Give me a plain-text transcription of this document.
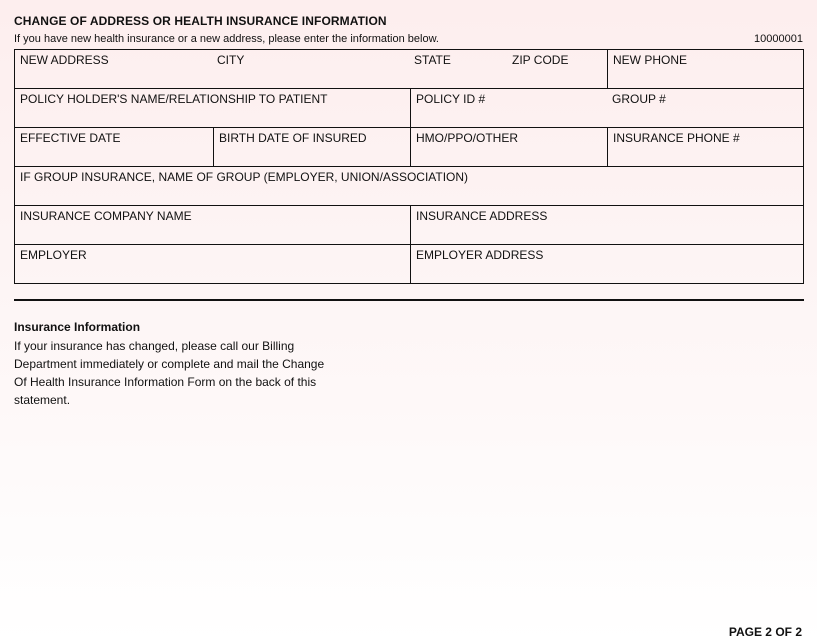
CHANGE OF ADDRESS OR HEALTH INSURANCE INFORMATION
If you have new health insurance or a new address, please enter the information below.	10000001
NEW ADDRESS	CITY	STATE	ZIP CODE	NEW PHONE
POLICY HOLDER'S NAME/RELATIONSHIP TO PATIENT	POLICY ID #	GROUP #
EFFECTIVE DATE	BIRTH DATE OF INSURED	HMO/PPO/OTHER	INSURANCE PHONE #
IF GROUP INSURANCE, NAME OF GROUP (EMPLOYER, UNION/ASSOCIATION)
INSURANCE COMPANY NAME	INSURANCE ADDRESS
EMPLOYER	EMPLOYER ADDRESS
Insurance Information
If your insurance has changed, please call our Billing Department immediately or complete and mail the Change Of Health Insurance Information Form on the back of this statement.
PAGE 2 OF 2
